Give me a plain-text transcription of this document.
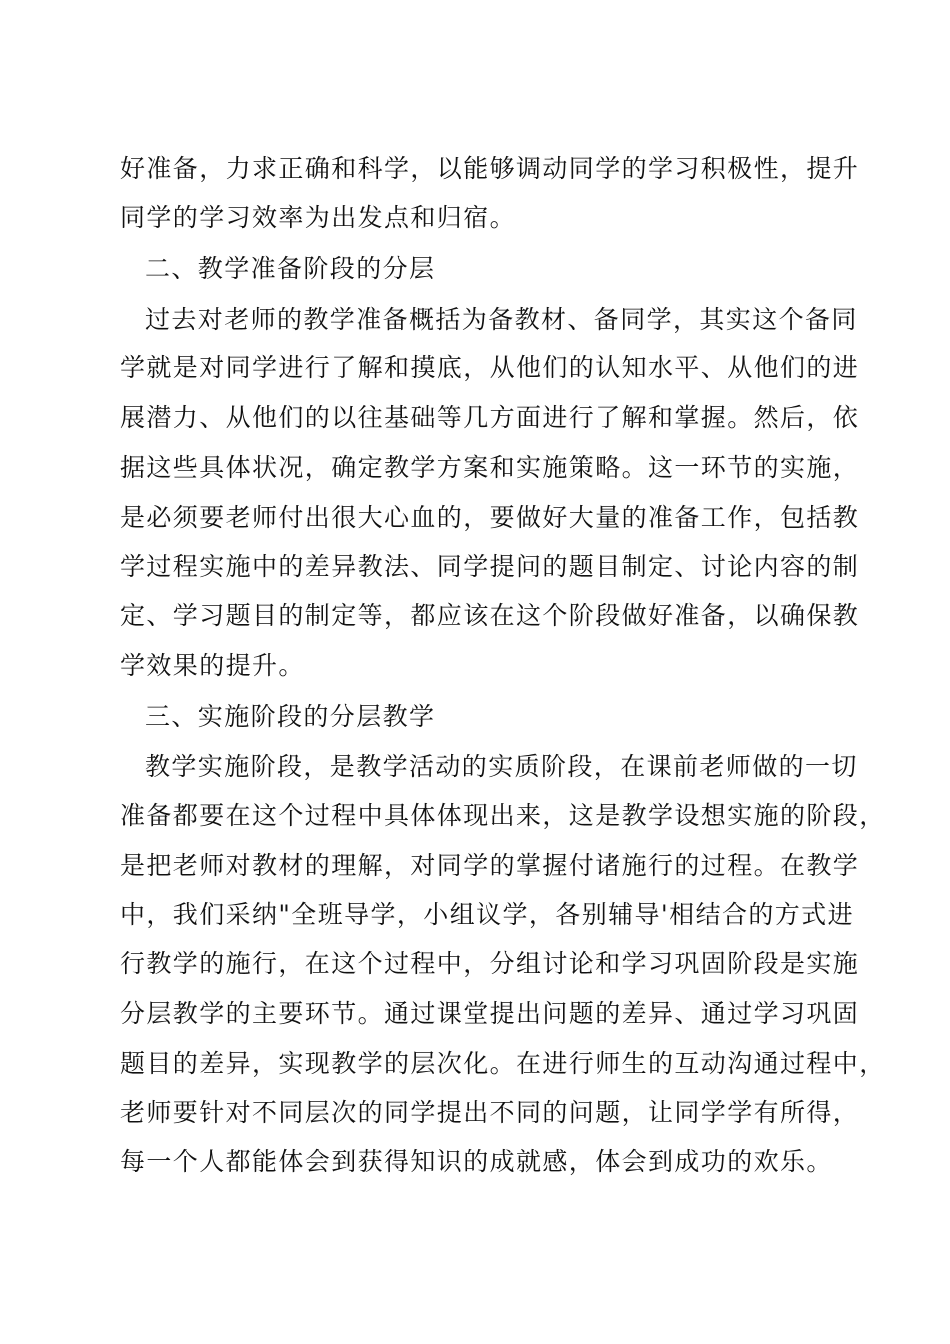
好准备，力求正确和科学，以能够调动同学的学习积极性，提升
同学的学习效率为出发点和归宿。
二、教学准备阶段的分层
过去对老师的教学准备概括为备教材、备同学，其实这个备同
学就是对同学进行了解和摸底，从他们的认知水平、从他们的进
展潜力、从他们的以往基础等几方面进行了解和掌握。然后，依
据这些具体状况，确定教学方案和实施策略。这一环节的实施，
是必须要老师付出很大心血的，要做好大量的准备工作，包括教
学过程实施中的差异教法、同学提问的题目制定、讨论内容的制
定、学习题目的制定等，都应该在这个阶段做好准备，以确保教
学效果的提升。
三、实施阶段的分层教学
教学实施阶段，是教学活动的实质阶段，在课前老师做的一切
准备都要在这个过程中具体体现出来，这是教学设想实施的阶段，
是把老师对教材的理解，对同学的掌握付诸施行的过程。在教学
中，我们采纳"全班导学，小组议学，各别辅导'相结合的方式进
行教学的施行，在这个过程中，分组讨论和学习巩固阶段是实施
分层教学的主要环节。通过课堂提出问题的差异、通过学习巩固
题目的差异，实现教学的层次化。在进行师生的互动沟通过程中，
老师要针对不同层次的同学提出不同的问题，让同学学有所得，
每一个人都能体会到获得知识的成就感，体会到成功的欢乐。
